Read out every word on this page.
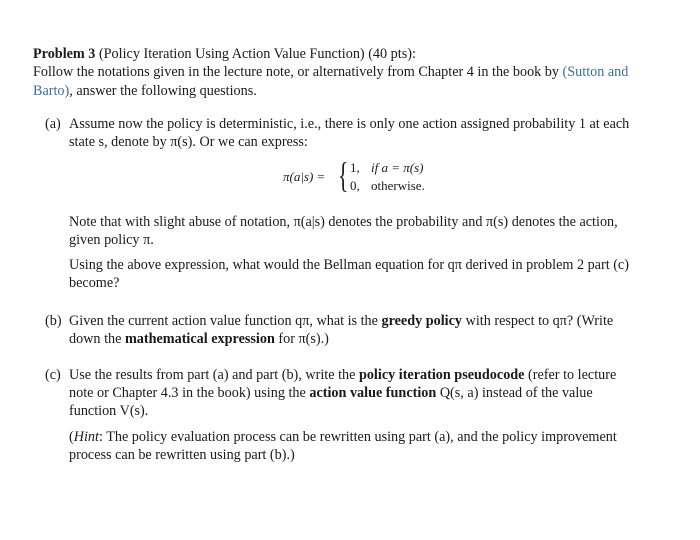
Problem 3 (Policy Iteration Using Action Value Function) (40 pts):
Follow the notations given in the lecture note, or alternatively from Chapter 4 in the book by (Sutton and
Barto), answer the following questions.
(a) Assume now the policy is deterministic, i.e., there is only one action assigned probability 1 at each
state s, denote by π(s). Or we can express:
π(a|s) = { 1, if a = π(s)
0, otherwise.
Note that with slight abuse of notation, π(a|s) denotes the probability and π(s) denotes the action,
given policy π.
Using the above expression, what would the Bellman equation for qπ derived in problem 2 part (c)
become?
(b) Given the current action value function qπ, what is the greedy policy with respect to qπ? (Write
down the mathematical expression for π(s).)
(c) Use the results from part (a) and part (b), write the policy iteration pseudocode (refer to lecture
note or Chapter 4.3 in the book) using the action value function Q(s, a) instead of the value
function V(s).
(Hint: The policy evaluation process can be rewritten using part (a), and the policy improvement
process can be rewritten using part (b).)
